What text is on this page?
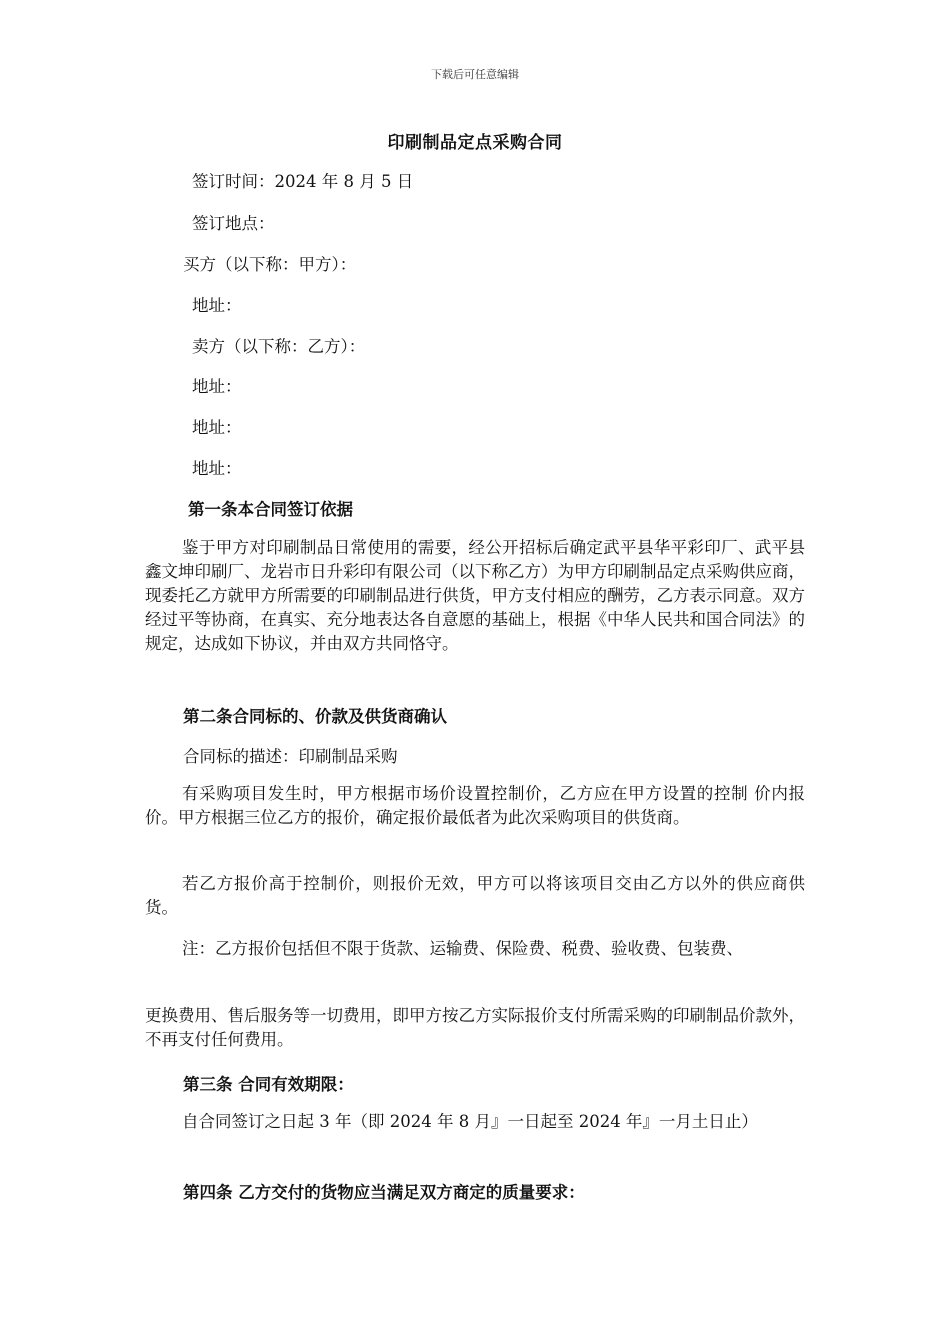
下载后可任意编辑
印刷制品定点采购合同
签订时间：2024 年 8 月 5 日
签订地点：
买方（以下称：甲方）：
地址：
卖方（以下称：乙方）：
地址：
地址：
地址：
第一条本合同签订依据
鉴于甲方对印刷制品日常使用的需要，经公开招标后确定武平县华平彩印厂、武平县鑫文坤印刷厂、龙岩市日升彩印有限公司（以下称乙方）为甲方印刷制品定点采购供应商，现委托乙方就甲方所需要的印刷制品进行供货，甲方支付相应的酬劳，乙方表示同意。双方经过平等协商，在真实、充分地表达各自意愿的基础上，根据《中华人民共和国合同法》的规定，达成如下协议，并由双方共同恪守。
第二条合同标的、价款及供货商确认
合同标的描述：印刷制品采购
有采购项目发生时，甲方根据市场价设置控制价，乙方应在甲方设置的控制 价内报价。甲方根据三位乙方的报价，确定报价最低者为此次采购项目的供货商。
若乙方报价高于控制价，则报价无效，甲方可以将该项目交由乙方以外的供应商供货。
注：乙方报价包括但不限于货款、运输费、保险费、税费、验收费、包装费、
更换费用、售后服务等一切费用，即甲方按乙方实际报价支付所需采购的印刷制品价款外，不再支付任何费用。
第三条 合同有效期限：
自合同签订之日起 3 年（即 2024 年 8 月』一日起至 2024 年』一月土日止）
第四条 乙方交付的货物应当满足双方商定的质量要求：
